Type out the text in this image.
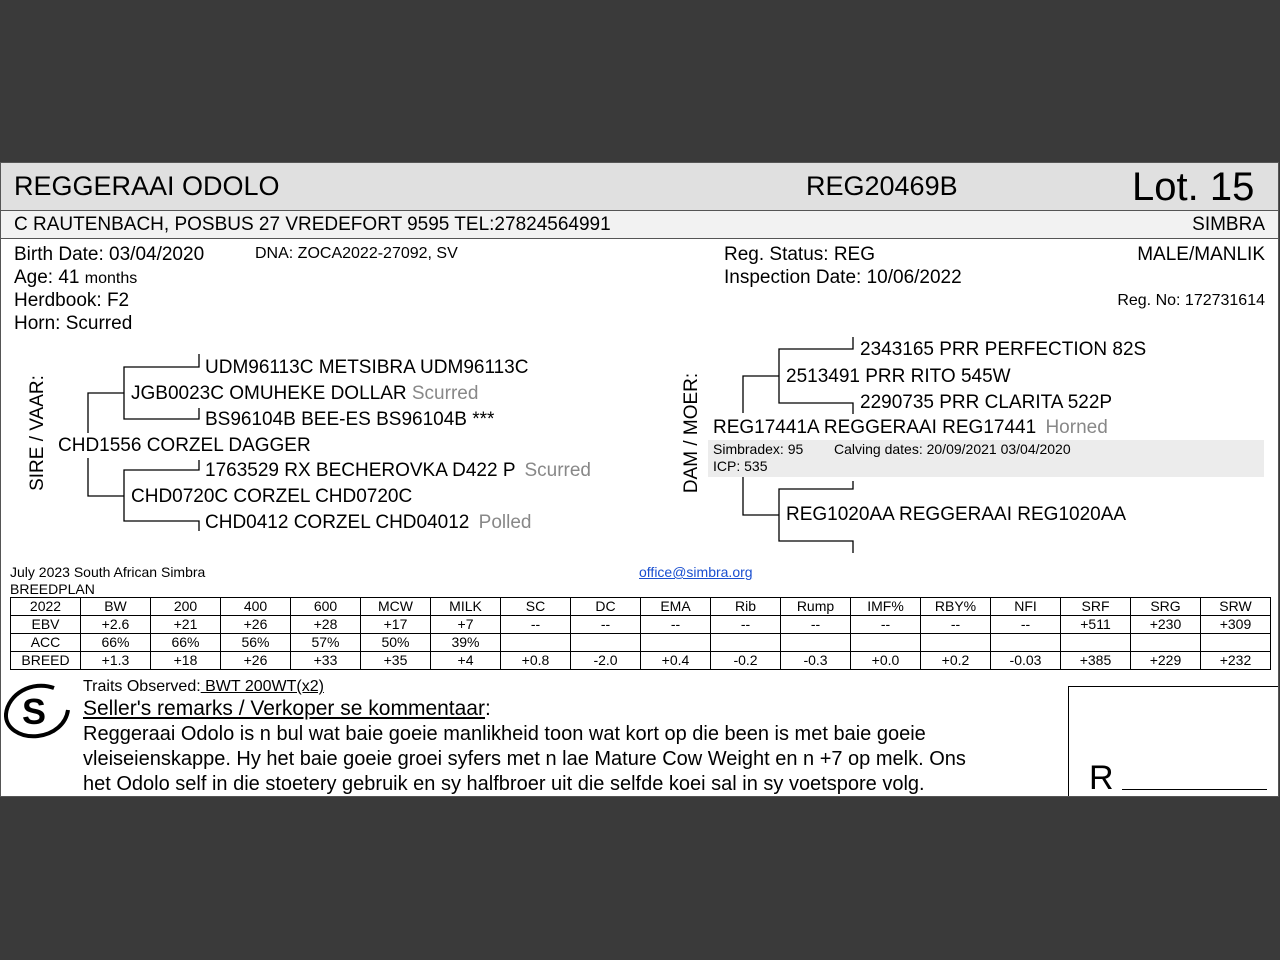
REGGERAAI ODOLO	REG20469B	Lot. 15
C RAUTENBACH, POSBUS 27 VREDEFORT 9595 TEL:27824564991	SIMBRA
Birth Date: 03/04/2020	DNA: ZOCA2022-27092, SV
Age: 41 months
Herdbook: F2
Horn: Scurred
Reg. Status: REG
Inspection Date: 10/06/2022
MALE/MANLIK
Reg. No: 172731614
SIRE / VAAR:
UDM96113C METSIBRA UDM96113C
JGB0023C OMUHEKE DOLLAR Scurred
BS96104B BEE-ES BS96104B ***
CHD1556 CORZEL DAGGER
1763529 RX BECHEROVKA D422 P Scurred
CHD0720C CORZEL CHD0720C
CHD0412 CORZEL CHD04012 Polled
DAM / MOER:
2343165 PRR PERFECTION 82S
2513491 PRR RITO 545W
2290735 PRR CLARITA 522P
REG17441A REGGERAAI REG17441 Horned
Simbradex: 95 Calving dates: 20/09/2021 03/04/2020
ICP: 535
REG1020AA REGGERAAI REG1020AA
July 2023 South African Simbra
BREEDPLAN
office@simbra.org
2022	BW	200	400	600	MCW	MILK	SC	DC	EMA	Rib	Rump	IMF%	RBY%	NFI	SRF	SRG	SRW
EBV	+2.6	+21	+26	+28	+17	+7	--	--	--	--	--	--	--	--	+511	+230	+309
ACC	66%	66%	56%	57%	50%	39%											
BREED	+1.3	+18	+26	+33	+35	+4	+0.8	-2.0	+0.4	-0.2	-0.3	+0.0	+0.2	-0.03	+385	+229	+232
S
Traits Observed: BWT 200WT(x2)
Seller's remarks / Verkoper se kommentaar:
Reggeraai Odolo is n bul wat baie goeie manlikheid toon wat kort op die been is met baie goeie
vleiseienskappe. Hy het baie goeie groei syfers met n lae Mature Cow Weight en n +7 op melk. Ons
het Odolo self in die stoetery gebruik en sy halfbroer uit die selfde koei sal in sy voetspore volg.	R
